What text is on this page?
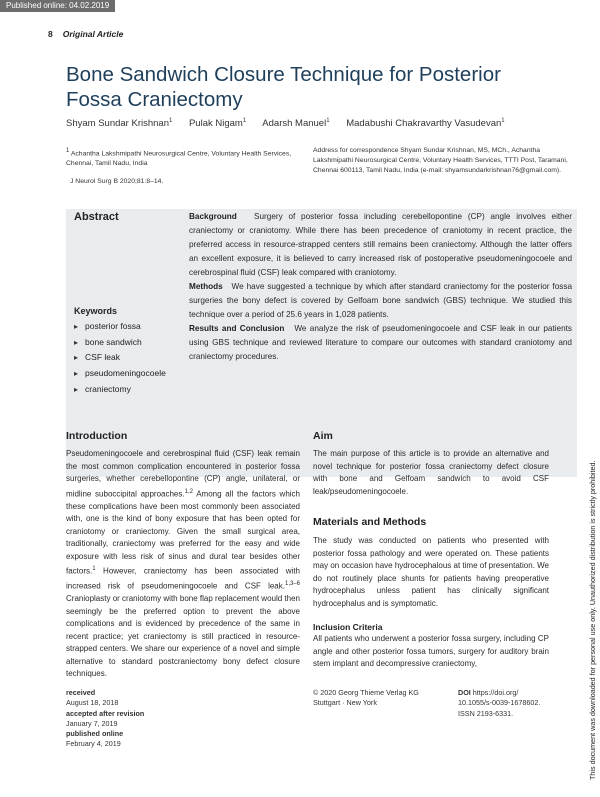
Published online: 04.02.2019
8 Original Article
Bone Sandwich Closure Technique for Posterior Fossa Craniectomy
Shyam Sundar Krishnan$^1$ Pulak Nigam$^1$ Adarsh Manuel$^1$ Madabushi Chakravarthy Vasudevan$^1$
$^1$ Achantha Lakshmipathi Neurosurgical Centre, Voluntary Health Services, Chennai, Tamil Nadu, India
J Neurol Surg B 2020;81:8–14.
Address for correspondence Shyam Sundar Krishnan, MS, MCh., Achantha Lakshmipathi Neurosurgical Centre, Voluntary Health Services, TTTI Post, Taramani, Chennai 600113, Tamil Nadu, India (e-mail: shyamsundarkrishnan76@gmail.com).
Abstract
Keywords
▸ posterior fossa
▸ bone sandwich
▸ CSF leak
▸ pseudomeningocoele
▸ craniectomy

Background Surgery of posterior fossa including cerebellopontine (CP) angle involves either craniectomy or craniotomy. While there has been precedence of craniotomy in recent practice, the preferred access in resource-strapped centers still remains been craniectomy. Although the latter offers an excellent exposure, it is believed to carry increased risk of postoperative pseudomeningocoele and cerebrospinal fluid (CSF) leak compared with craniotomy.

Methods We have suggested a technique by which after standard craniectomy for the posterior fossa surgeries the bony defect is covered by Gelfoam bone sandwich (GBS) technique. We studied this technique over a period of 25.6 years in 1,028 patients.

Results and Conclusion We analyze the risk of pseudomeningocoele and CSF leak in our patients using GBS technique and reviewed literature to compare our outcomes with standard craniotomy and craniectomy procedures.

This document was downloaded for personal use only. Unauthorized distribution is strictly prohibited.
Introduction

Pseudomeningocoele and cerebrospinal fluid (CSF) leak remain the most common complication encountered in posterior fossa surgeries, whether cerebellopontine (CP) angle, unilateral, or midline suboccipital approaches.$^{1,2}$ Among all the factors which these complications have been most commonly been associated with, one is the kind of bony exposure that has been opted for craniotomy or craniectomy. Given the small surgical area, traditionally, craniectomy was preferred for the easy and wide exposure with less risk of sinus and dural tear besides other factors.$^1$ However, craniectomy has been associated with increased risk of pseudomeningocoele and CSF leak.$^{1,3-6}$ Cranioplasty or craniotomy with bone flap replacement would then seemingly be the preferred option to prevent the above complications and is evidenced by precedence of the same in recent practice; yet craniectomy is still practiced in resource-strapped centers. We share our experience of a novel and simple alternative to standard postcraniectomy bony defect closure techniques.

Aim

The main purpose of this article is to provide an alternative and novel technique for posterior fossa craniectomy defect closure with bone and Gelfoam sandwich to avoid CSF leak/pseudomeningocoele.

Materials and Methods

The study was conducted on patients who presented with posterior fossa pathology and were operated on. These patients may on occasion have hydrocephalous at time of presentation. We do not routinely place shunts for patients having preoperative hydrocephalus unless patient has clinically significant hydrocephalus and is symptomatic.

Inclusion Criteria

All patients who underwent a posterior fossa surgery, including CP angle and other posterior fossa tumors, surgery for auditory brain stem implant and decompressive craniectomy,

received
August 18, 2018
accepted after revision
January 7, 2019
published online
February 4, 2019
© 2020 Georg Thieme Verlag KG
Stuttgart · New York
DOI https://doi.org/
10.1055/s-0039-1678602.
ISSN 2193-6331.
